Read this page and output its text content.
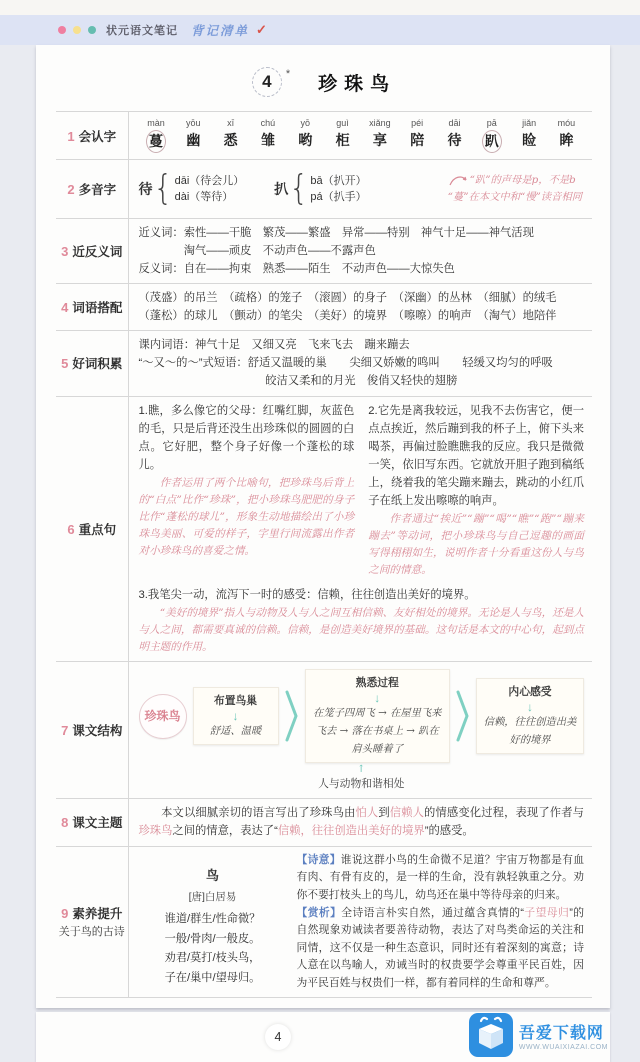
状元语文笔记 背记清单 ✓
4	* 珍珠鸟
1 会认字	
màn
蔓
yōu
幽
xī
悉
chú
雏
yō
哟
guì
柜
xiǎng
享
péi
陪
dāi
待
pā
趴
jiǎn
睑
móu
眸

2 多音字	待 { dāi（待会儿）
dài（等待）
扒 { bā（扒开）
pá（扒手）
“趴”的声母是p，不是b
“蔓”在本文中和“慢”读音相同

3 近反义词	近义词：索性——干脆　繁茂——繁盛　异常——特别　神气十足——神气活现
　　　　淘气——顽皮　不动声色——不露声色
反义词：自在——拘束　熟悉——陌生　不动声色——大惊失色

4 词语搭配	（茂盛）的吊兰　（疏格）的笼子　（滚圆）的身子　（深幽）的丛林　（细腻）的绒毛
（蓬松）的球儿　（颤动）的笔尖　（美好）的境界　（嚓嚓）的响声　（淘气）地陪伴

5 好词积累	课内词语：神气十足　又细又亮　飞来飞去　蹦来蹦去
“～又～的～”式短语：舒适又温暖的巢　　尖细又娇嫩的鸣叫　　轻缓又均匀的呼吸
皎洁又柔和的月光　俊俏又轻快的翅膀

6 重点句	
1.瞧，多么像它的父母：红嘴红脚，灰蓝色的毛，只是后背还没生出珍珠似的圆圆的白点。它好肥，整个身子好像一个蓬松的球儿。
作者运用了两个比喻句，把珍珠鸟后背上的“白点”比作“珍珠”，把小珍珠鸟肥肥的身子比作“蓬松的球儿”，形象生动地描绘出了小珍珠鸟美丽、可爱的样子，字里行间流露出作者对小珍珠鸟的喜爱之情。
2.它先是离我较远，见我不去伤害它，便一点点挨近，然后蹦到我的杯子上，俯下头来喝茶，再偏过脸瞧瞧我的反应。我只是微微一笑，依旧写东西。它就放开胆子跑到稿纸上，绕着我的笔尖蹦来蹦去，跳动的小红爪子在纸上发出嚓嚓的响声。
作者通过“挨近”“蹦”“喝”“瞧”“跑”“蹦来蹦去”等动词，把小珍珠鸟与自己逗趣的画面写得栩栩如生，说明作者十分看重这份人与鸟之间的情意。
3.我笔尖一动，流泻下一时的感受：信赖，往往创造出美好的境界。
“美好的境界”指人与动物及人与人之间互相信赖、友好相处的境界。无论是人与鸟，还是人与人之间，都需要真诚的信赖。信赖，是创造美好境界的基础。这句话是本文的中心句，起到点明主题的作用。

7 课文结构	
珍珠鸟
布置鸟巢
↓
舒适、温暖
熟悉过程
↓
在笼子四周飞 → 在屋里飞来飞去 → 落在书桌上 → 趴在肩头睡着了
内心感受
↓
信赖，往往创造出美好的境界
↑
人与动物和谐相处

8 课文主题	本文以细腻亲切的语言写出了珍珠鸟由怕人到信赖人的情感变化过程，表现了作者与珍珠鸟之间的情意，表达了“信赖，往往创造出美好的境界”的感受。

9 素养提升
关于鸟的古诗

鸟
[唐]白居易
谁道/群生/性命微？
一般/骨肉/一般皮。
劝君/莫打/枝头鸟，
子在/巢中/望母归。

【诗意】谁说这群小鸟的生命微不足道？宇宙万物都是有血有肉、有骨有皮的，是一样的生命，没有孰轻孰重之分。劝你不要打枝头上的鸟儿，幼鸟还在巢中等待母亲的归来。

【赏析】全诗语言朴实自然，通过蕴含真情的“子望母归”的自然现象劝诫读者要善待动物，表达了对鸟类命运的关注和同情，这不仅是一种生态意识，同时还有着深刻的寓意；诗人意在以鸟喻人，劝诫当时的权贵要学会尊重平民百姓，因为平民百姓与权贵们一样，都有着同样的生命和尊严。

4	吾爱下载网
WWW.WUAIXIAZAI.COM
